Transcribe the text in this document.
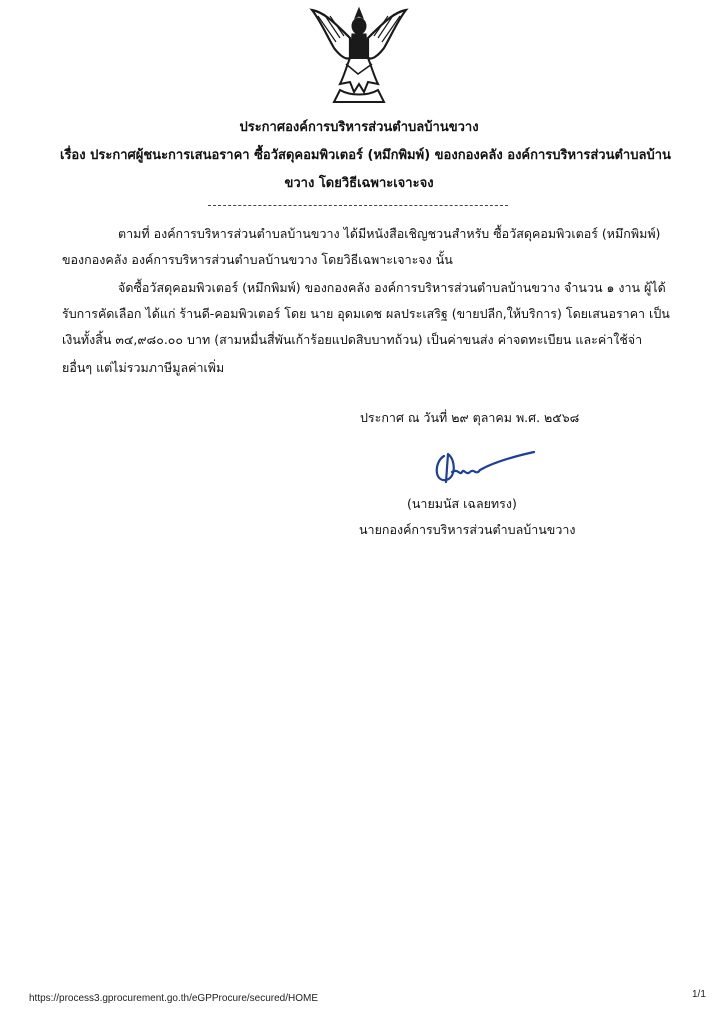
ประกาศองค์การบริหารส่วนตำบลบ้านขวาง
เรื่อง ประกาศผู้ชนะการเสนอราคา ซื้อวัสดุคอมพิวเตอร์ (หมึกพิมพ์) ของกองคลัง องค์การบริหารส่วนตำบลบ้าน
ขวาง โดยวิธีเฉพาะเจาะจง
ตามที่ องค์การบริหารส่วนตำบลบ้านขวาง ได้มีหนังสือเชิญชวนสำหรับ ซื้อวัสดุคอมพิวเตอร์ (หมึกพิมพ์)
ของกองคลัง องค์การบริหารส่วนตำบลบ้านขวาง โดยวิธีเฉพาะเจาะจง นั้น
จัดซื้อวัสดุคอมพิวเตอร์ (หมึกพิมพ์) ของกองคลัง องค์การบริหารส่วนตำบลบ้านขวาง จำนวน ๑ งาน ผู้ได้
รับการคัดเลือก ได้แก่ ร้านดี-คอมพิวเตอร์ โดย นาย อุดมเดช ผลประเสริฐ (ขายปลีก,ให้บริการ) โดยเสนอราคา เป็น
เงินทั้งสิ้น ๓๔,๙๘๐.๐๐ บาท (สามหมื่นสี่พันเก้าร้อยแปดสิบบาทถ้วน) เป็นค่าขนส่ง ค่าจดทะเบียน และค่าใช้จ่า
ยอื่นๆ แต่ไม่รวมภาษีมูลค่าเพิ่ม
ประกาศ ณ วันที่ ๒๙ ตุลาคม พ.ศ. ๒๕๖๘
(นายมนัส เฉลยทรง)
นายกองค์การบริหารส่วนตำบลบ้านขวาง
https://process3.gprocurement.go.th/eGPProcure/secured/HOME	1/1
